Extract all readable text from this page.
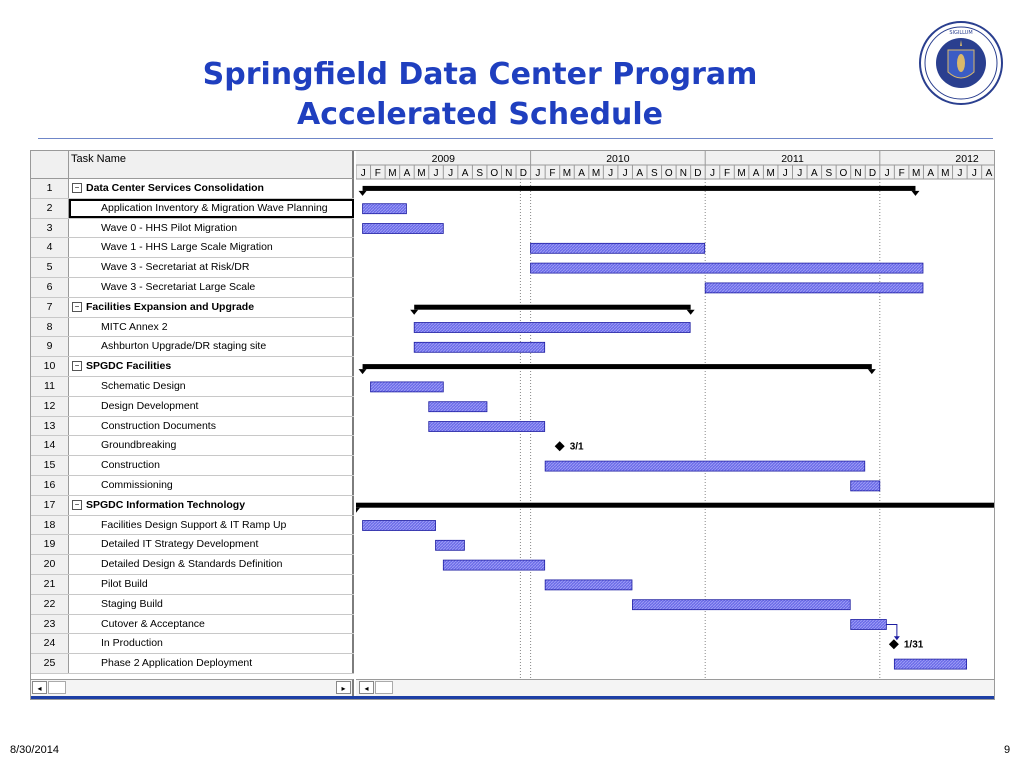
Springfield Data Center Program
Accelerated Schedule
SIGILLUM
Task Name
1	− Data Center Services Consolidation
2	Application Inventory & Migration Wave Planning
3	Wave 0 - HHS Pilot Migration
4	Wave 1 - HHS Large Scale Migration
5	Wave 3 - Secretariat at Risk/DR
6	Wave 3 - Secretariat Large Scale
7	− Facilities Expansion and Upgrade
8	MITC Annex 2
9	Ashburton Upgrade/DR staging site
10	− SPGDC Facilities
11	Schematic Design
12	Design Development
13	Construction Documents
14	Groundbreaking
15	Construction
16	Commissioning
17	− SPGDC Information Technology
18	Facilities Design Support & IT Ramp Up
19	Detailed IT Strategy Development
20	Detailed Design & Standards Definition
21	Pilot Build
22	Staging Build
23	Cutover & Acceptance
24	In Production
25	Phase 2 Application Deployment
2009	2010	2011	2012
J F M A M J J A S O N D J F M A M J J A S O N D J F M A M J J A S O N D J F M A M J J A
3/1
1/31
◂	▸	◂
8/30/2014	9
